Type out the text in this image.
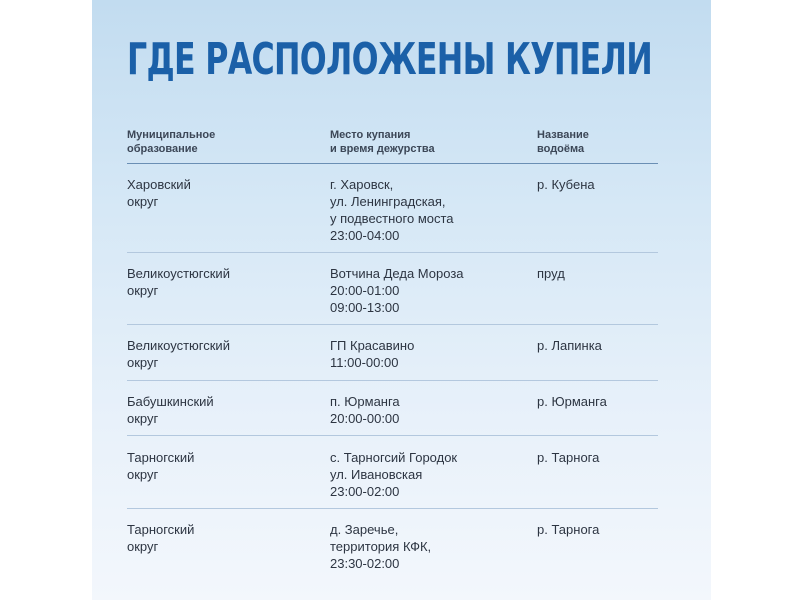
ГДЕ РАСПОЛОЖЕНЫ КУПЕЛИ
Муниципальное
образование
Место купания
и время дежурства
Название
водоёма
Харовский
округ
г. Харовск,
ул. Ленинградская,
у подвестного моста
23:00-04:00
р. Кубена
Великоустюгский
округ
Вотчина Деда Мороза
20:00-01:00
09:00-13:00
пруд
Великоустюгский
округ
ГП Красавино
11:00-00:00
р. Лапинка
Бабушкинский
округ
п. Юрманга
20:00-00:00
р. Юрманга
Тарногский
округ
с. Тарногсий Городок
ул. Ивановская
23:00-02:00
р. Тарнога
Тарногский
округ
д. Заречье,
территория КФК,
23:30-02:00
р. Тарнога
